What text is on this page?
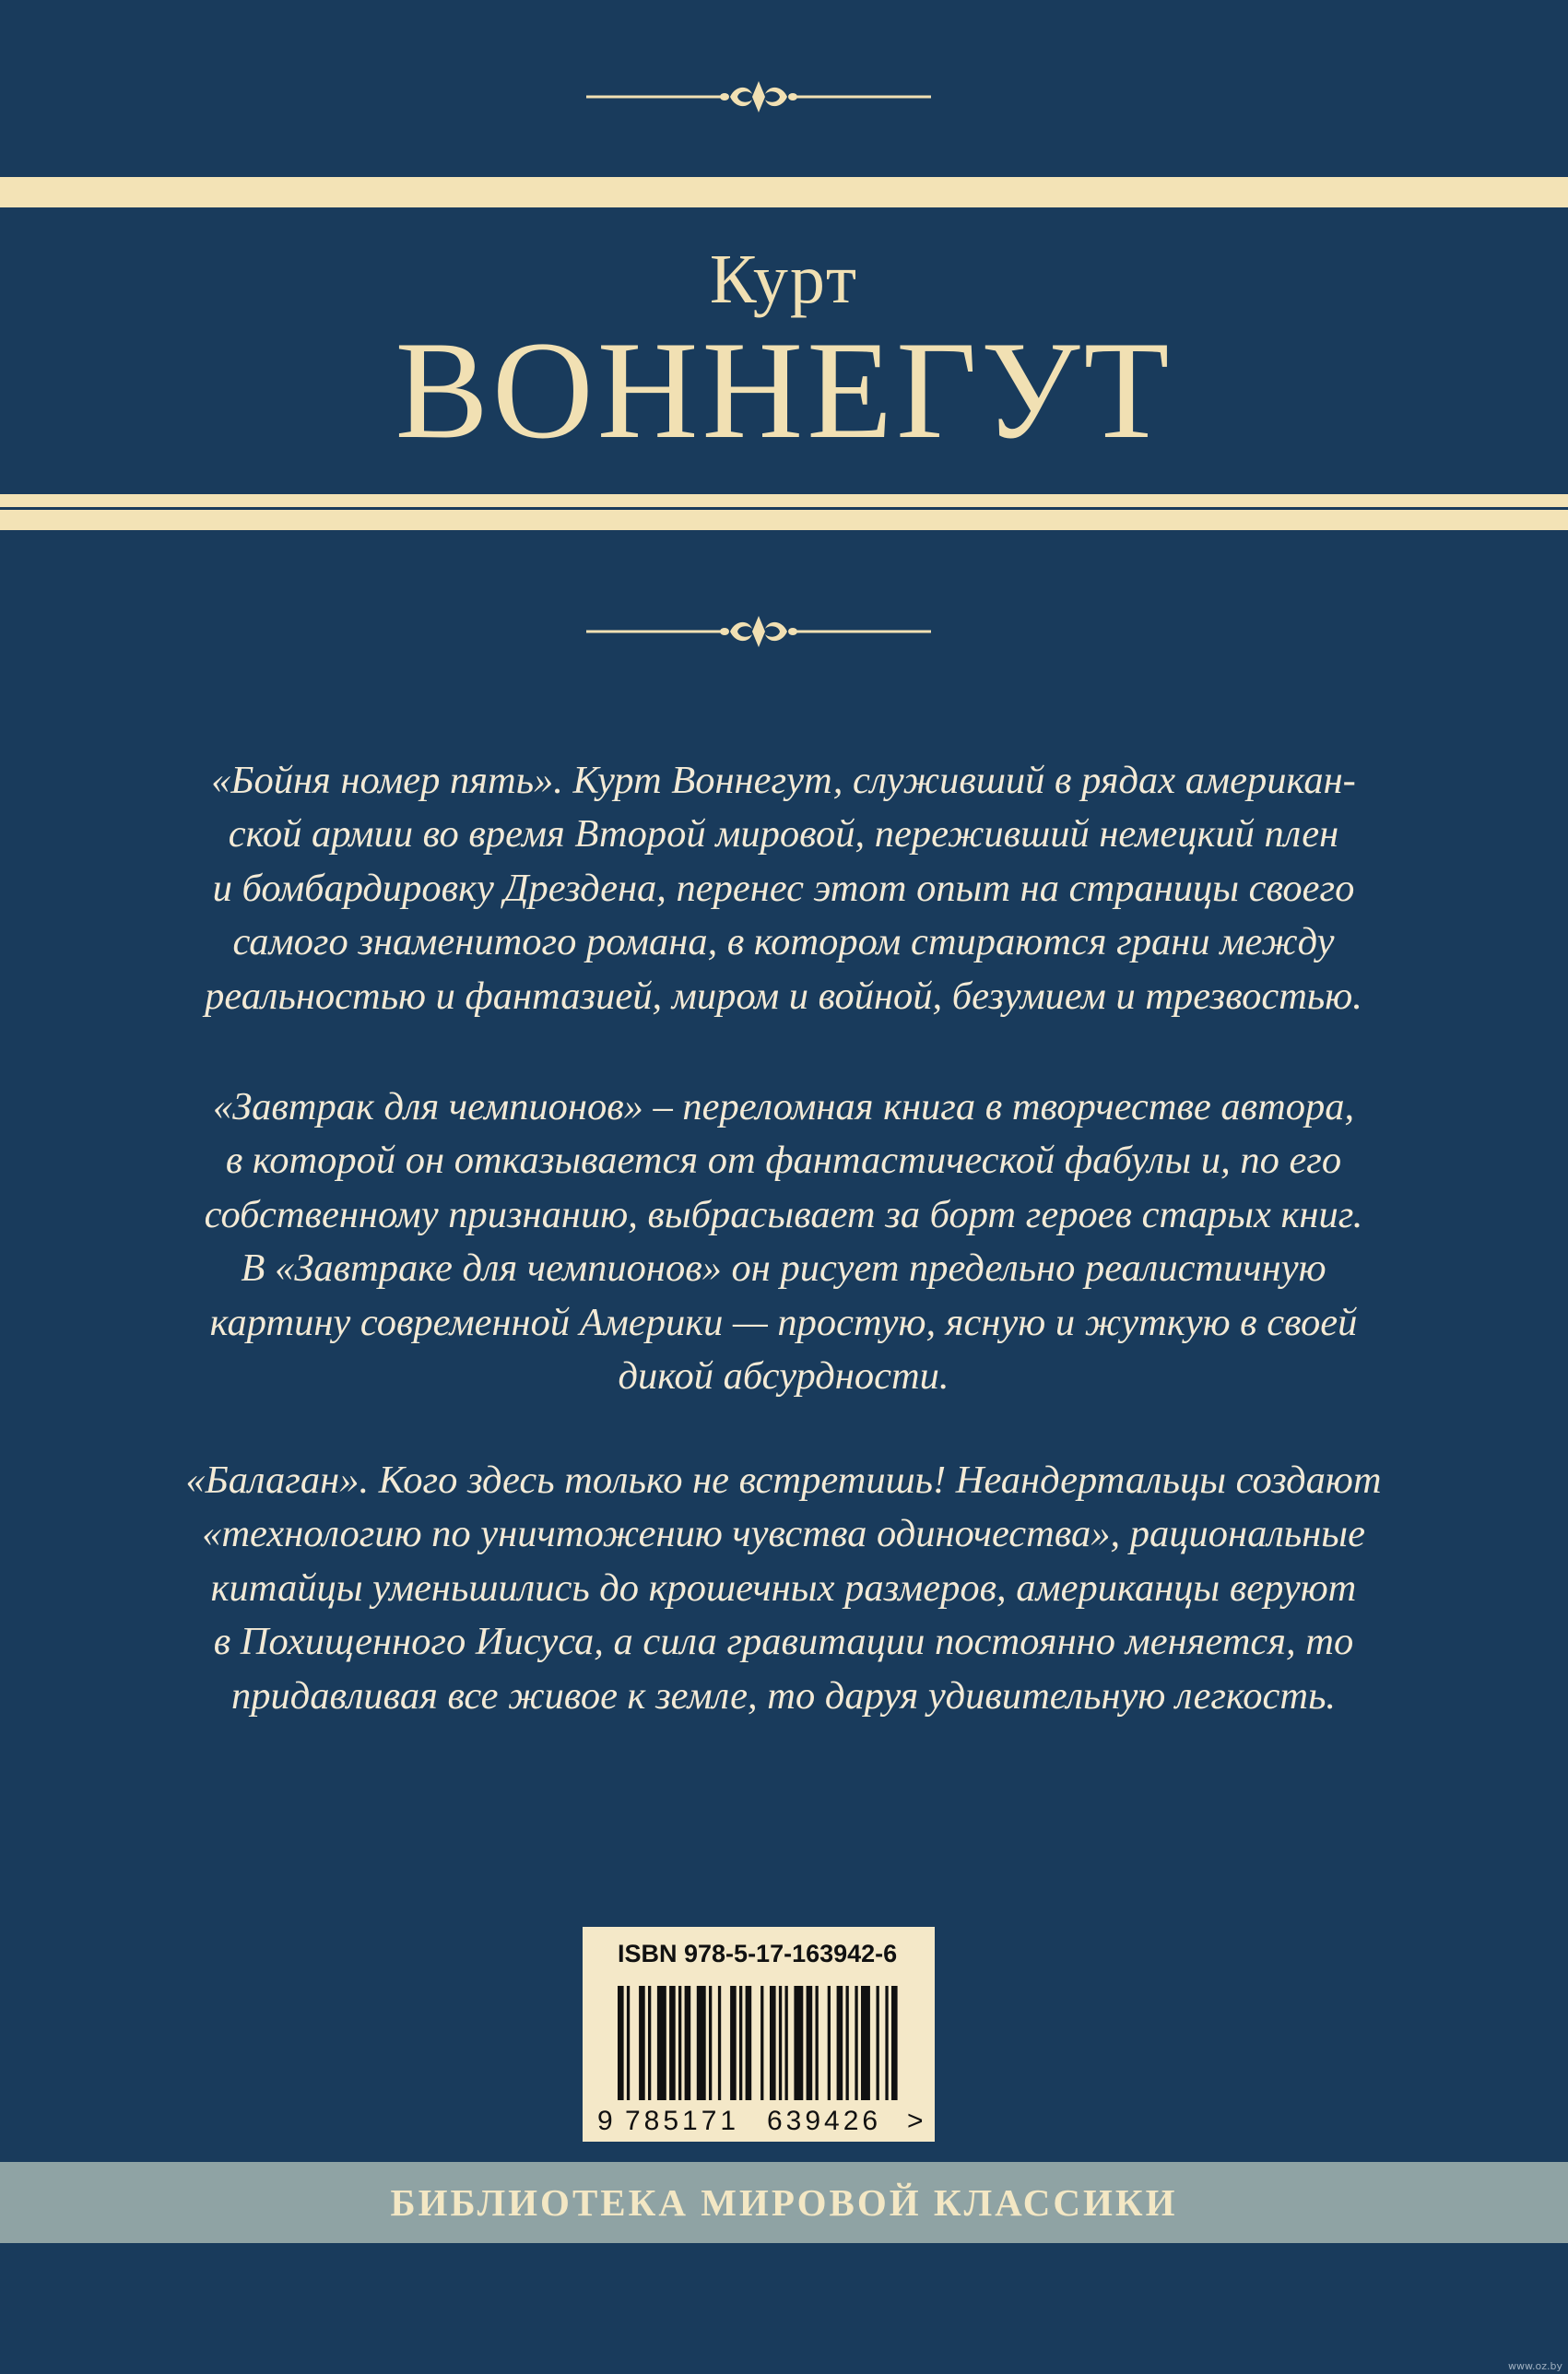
Курт
ВОННЕГУТ

«Бойня номер пять». Курт Воннегут, служивший в рядах американ-
ской армии во время Второй мировой, переживший немецкий плен
и бомбардировку Дрездена, перенес этот опыт на страницы своего
самого знаменитого романа, в котором стираются грани между
реальностью и фантазией, миром и войной, безумием и трезвостью.

«Завтрак для чемпионов» – переломная книга в творчестве автора,
в которой он отказывается от фантастической фабулы и, по его
собственному признанию, выбрасывает за борт героев старых книг.
В «Завтраке для чемпионов» он рисует предельно реалистичную
картину современной Америки — простую, ясную и жуткую в своей
дикой абсурдности.

«Балаган». Кого здесь только не встретишь! Неандертальцы создают
«технологию по уничтожению чувства одиночества», рациональные
китайцы уменьшились до крошечных размеров, американцы веруют
в Похищенного Иисуса, а сила гравитации постоянно меняется, то
придавливая все живое к земле, то даруя удивительную легкость.

ISBN 978-5-17-163942-6
9 785171 639426 >
БИБЛИОТЕКА МИРОВОЙ КЛАССИКИ
www.oz.by
